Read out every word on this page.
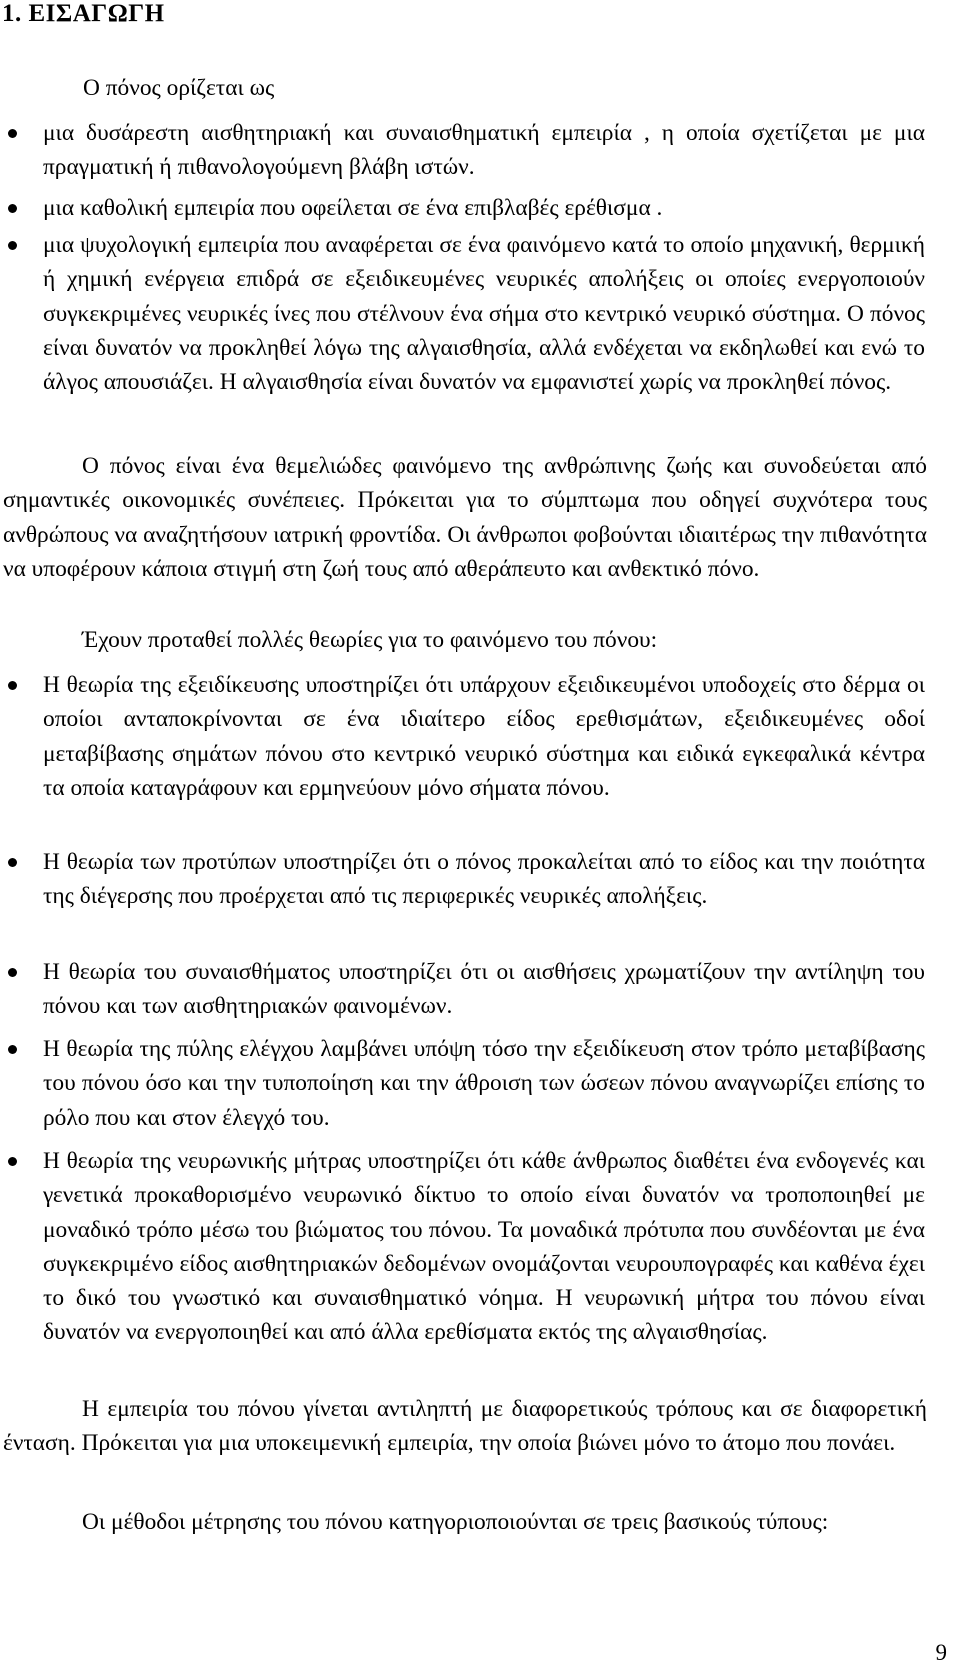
1. ΕΙΣΑΓΩΓΗ
Ο πόνος ορίζεται ως
μια δυσάρεστη αισθητηριακή και συναισθηματική εμπειρία , η οποία σχετίζεται με μια πραγματική ή πιθανολογούμενη βλάβη ιστών.
μια καθολική εμπειρία που οφείλεται σε ένα επιβλαβές ερέθισμα .
μια ψυχολογική εμπειρία που αναφέρεται σε ένα φαινόμενο κατά το οποίο μηχανική, θερμική ή χημική ενέργεια επιδρά σε εξειδικευμένες νευρικές απολήξεις οι οποίες ενεργοποιούν συγκεκριμένες νευρικές ίνες που στέλνουν ένα σήμα στο κεντρικό νευρικό σύστημα. Ο πόνος είναι δυνατόν να προκληθεί λόγω της αλγαισθησία, αλλά ενδέχεται να εκδηλωθεί και ενώ το άλγος απουσιάζει. Η αλγαισθησία είναι δυνατόν να εμφανιστεί χωρίς να προκληθεί πόνος.
Ο πόνος είναι ένα θεμελιώδες φαινόμενο της ανθρώπινης ζωής και συνοδεύεται από σημαντικές οικονομικές συνέπειες. Πρόκειται για το σύμπτωμα που οδηγεί συχνότερα τους ανθρώπους να αναζητήσουν ιατρική φροντίδα. Οι άνθρωποι φοβούνται ιδιαιτέρως την πιθανότητα να υποφέρουν κάποια στιγμή στη ζωή τους από αθεράπευτο και ανθεκτικό πόνο.
Έχουν προταθεί πολλές θεωρίες για το φαινόμενο του πόνου:
Η θεωρία της εξειδίκευσης υποστηρίζει ότι υπάρχουν εξειδικευμένοι υποδοχείς στο δέρμα οι οποίοι ανταποκρίνονται σε ένα ιδιαίτερο είδος ερεθισμάτων, εξειδικευμένες οδοί μεταβίβασης σημάτων πόνου στο κεντρικό νευρικό σύστημα και ειδικά εγκεφαλικά κέντρα τα οποία καταγράφουν και ερμηνεύουν μόνο σήματα πόνου.
Η θεωρία των προτύπων υποστηρίζει ότι ο πόνος προκαλείται από το είδος και την ποιότητα της διέγερσης που προέρχεται από τις περιφερικές νευρικές απολήξεις.
Η θεωρία του συναισθήματος υποστηρίζει ότι οι αισθήσεις χρωματίζουν την αντίληψη του πόνου και των αισθητηριακών φαινομένων.
Η θεωρία της πύλης ελέγχου λαμβάνει υπόψη τόσο την εξειδίκευση στον τρόπο μεταβίβασης του πόνου όσο και την τυποποίηση και την άθροιση των ώσεων πόνου αναγνωρίζει επίσης το ρόλο που και στον έλεγχό του.
Η θεωρία της νευρωνικής μήτρας υποστηρίζει ότι κάθε άνθρωπος διαθέτει ένα ενδογενές και γενετικά προκαθορισμένο νευρωνικό δίκτυο το οποίο είναι δυνατόν να τροποποιηθεί με μοναδικό τρόπο μέσω του βιώματος του πόνου. Τα μοναδικά πρότυπα που συνδέονται με ένα συγκεκριμένο είδος αισθητηριακών δεδομένων ονομάζονται νευρουπογραφές και καθένα έχει το δικό του γνωστικό και συναισθηματικό νόημα. Η νευρωνική μήτρα του πόνου είναι δυνατόν να ενεργοποιηθεί και από άλλα ερεθίσματα εκτός της αλγαισθησίας.
Η εμπειρία του πόνου γίνεται αντιληπτή με διαφορετικούς τρόπους και σε διαφορετική ένταση. Πρόκειται για μια υποκειμενική εμπειρία, την οποία βιώνει μόνο το άτομο που πονάει.
Οι μέθοδοι μέτρησης του πόνου κατηγοριοποιούνται σε τρεις βασικούς τύπους:
9
